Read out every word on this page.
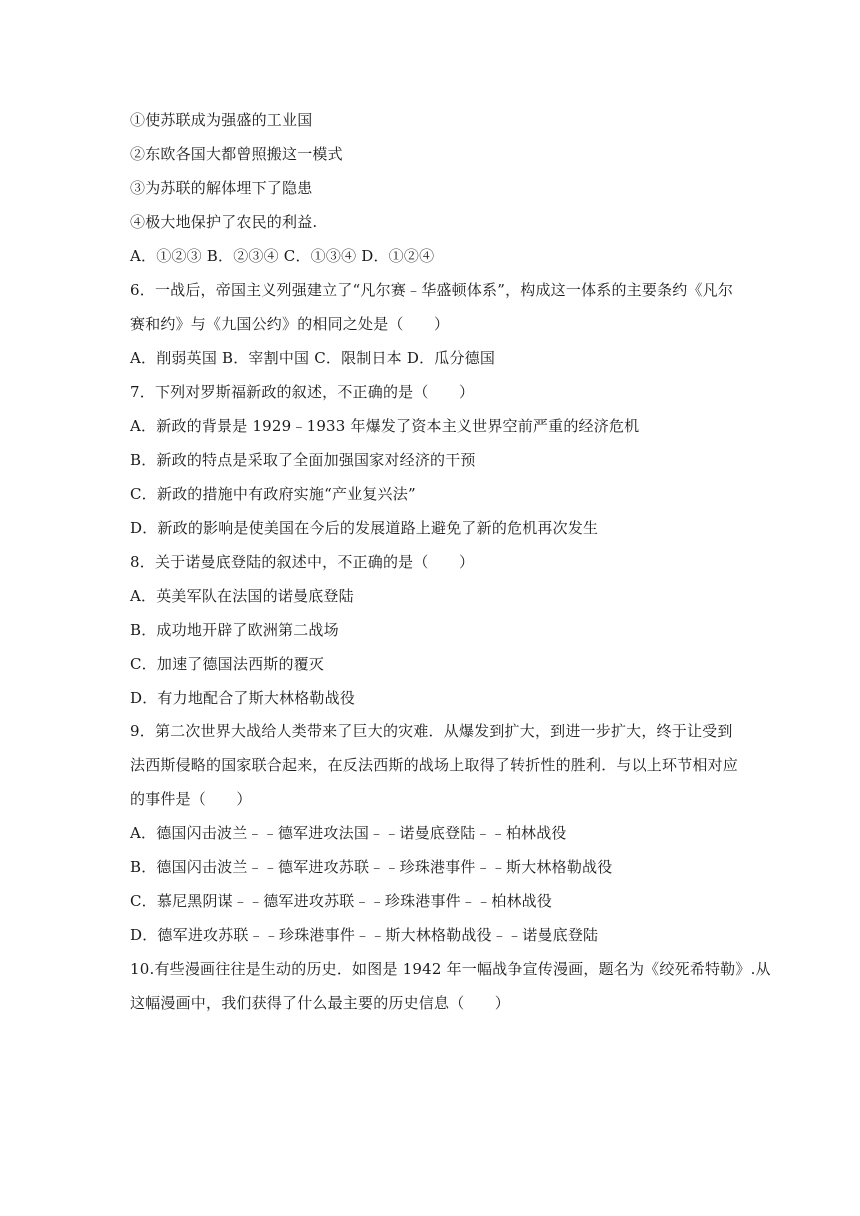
①使苏联成为强盛的工业国
②东欧各国大都曾照搬这一模式
③为苏联的解体埋下了隐患
④极大地保护了农民的利益.
A．①②③ B．②③④ C．①③④ D．①②④
6．一战后，帝国主义列强建立了“凡尔赛﹣华盛顿体系”，构成这一体系的主要条约《凡尔
赛和约》与《九国公约》的相同之处是（　　）
A．削弱英国 B．宰割中国 C．限制日本 D．瓜分德国
7．下列对罗斯福新政的叙述，不正确的是（　　）
A．新政的背景是 1929﹣1933 年爆发了资本主义世界空前严重的经济危机
B．新政的特点是采取了全面加强国家对经济的干预
C．新政的措施中有政府实施“产业复兴法”
D．新政的影响是使美国在今后的发展道路上避免了新的危机再次发生
8．关于诺曼底登陆的叙述中，不正确的是（　　）
A．英美军队在法国的诺曼底登陆
B．成功地开辟了欧洲第二战场
C．加速了德国法西斯的覆灭
D．有力地配合了斯大林格勒战役
9．第二次世界大战给人类带来了巨大的灾难．从爆发到扩大，到进一步扩大，终于让受到
法西斯侵略的国家联合起来，在反法西斯的战场上取得了转折性的胜利．与以上环节相对应
的事件是（　　）
A．德国闪击波兰﹣﹣德军进攻法国﹣﹣诺曼底登陆﹣﹣柏林战役
B．德国闪击波兰﹣﹣德军进攻苏联﹣﹣珍珠港事件﹣﹣斯大林格勒战役
C．慕尼黑阴谋﹣﹣德军进攻苏联﹣﹣珍珠港事件﹣﹣柏林战役
D．德军进攻苏联﹣﹣珍珠港事件﹣﹣斯大林格勒战役﹣﹣诺曼底登陆
10.有些漫画往往是生动的历史．如图是 1942 年一幅战争宣传漫画，题名为《绞死希特勒》.从
这幅漫画中，我们获得了什么最主要的历史信息（　　）
